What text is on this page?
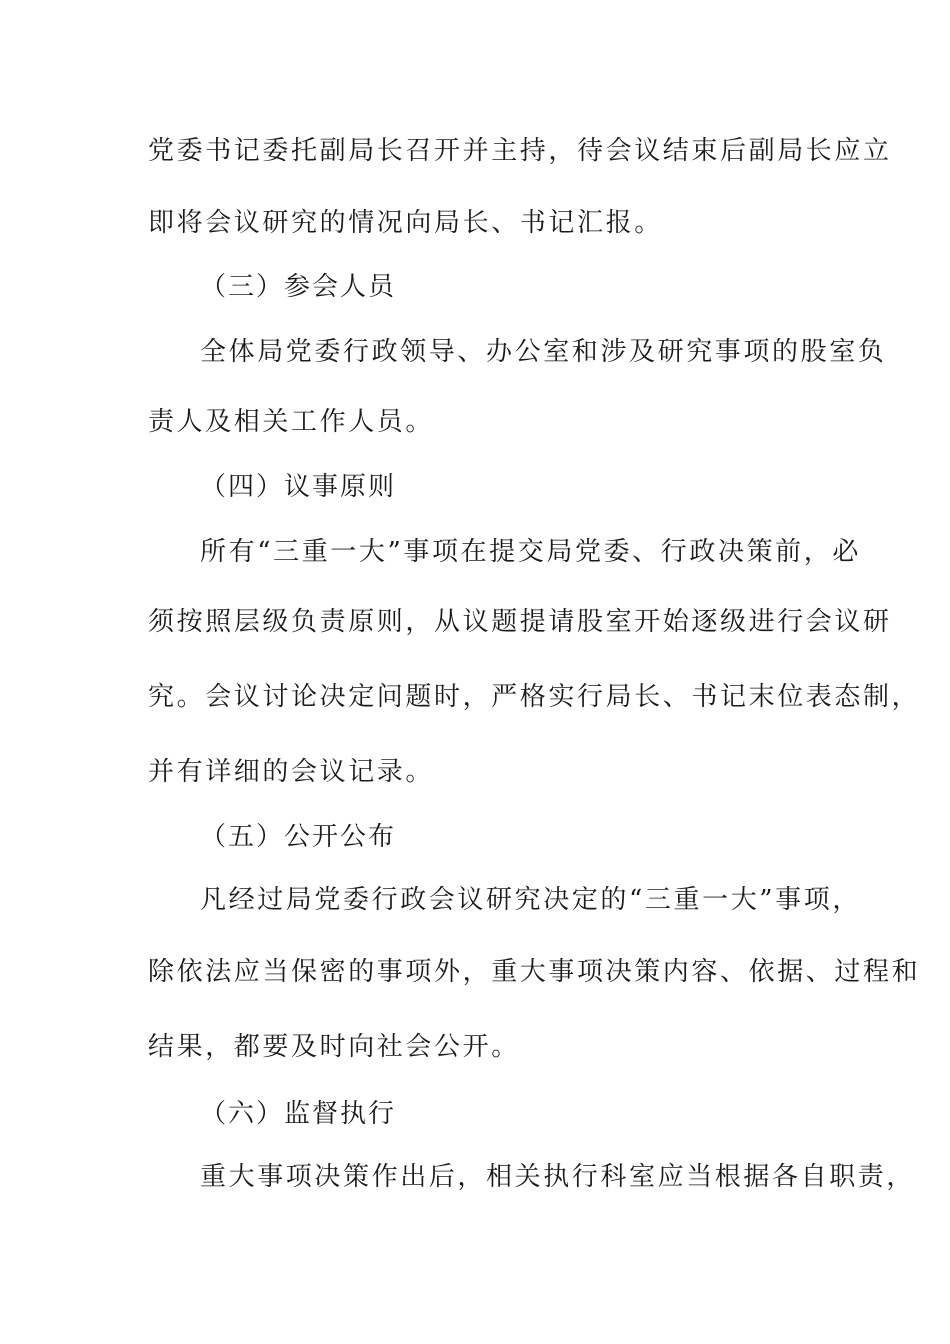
党委书记委托副局长召开并主持，待会议结束后副局长应立
即将会议研究的情况向局长、书记汇报。
（三）参会人员
全体局党委行政领导、办公室和涉及研究事项的股室负
责人及相关工作人员。
（四）议事原则
所有“三重一大”事项在提交局党委、行政决策前，必
须按照层级负责原则，从议题提请股室开始逐级进行会议研
究。会议讨论决定问题时，严格实行局长、书记末位表态制，
并有详细的会议记录。
（五）公开公布
凡经过局党委行政会议研究决定的“三重一大”事项，
除依法应当保密的事项外，重大事项决策内容、依据、过程和
结果，都要及时向社会公开。
（六）监督执行
重大事项决策作出后，相关执行科室应当根据各自职责，
